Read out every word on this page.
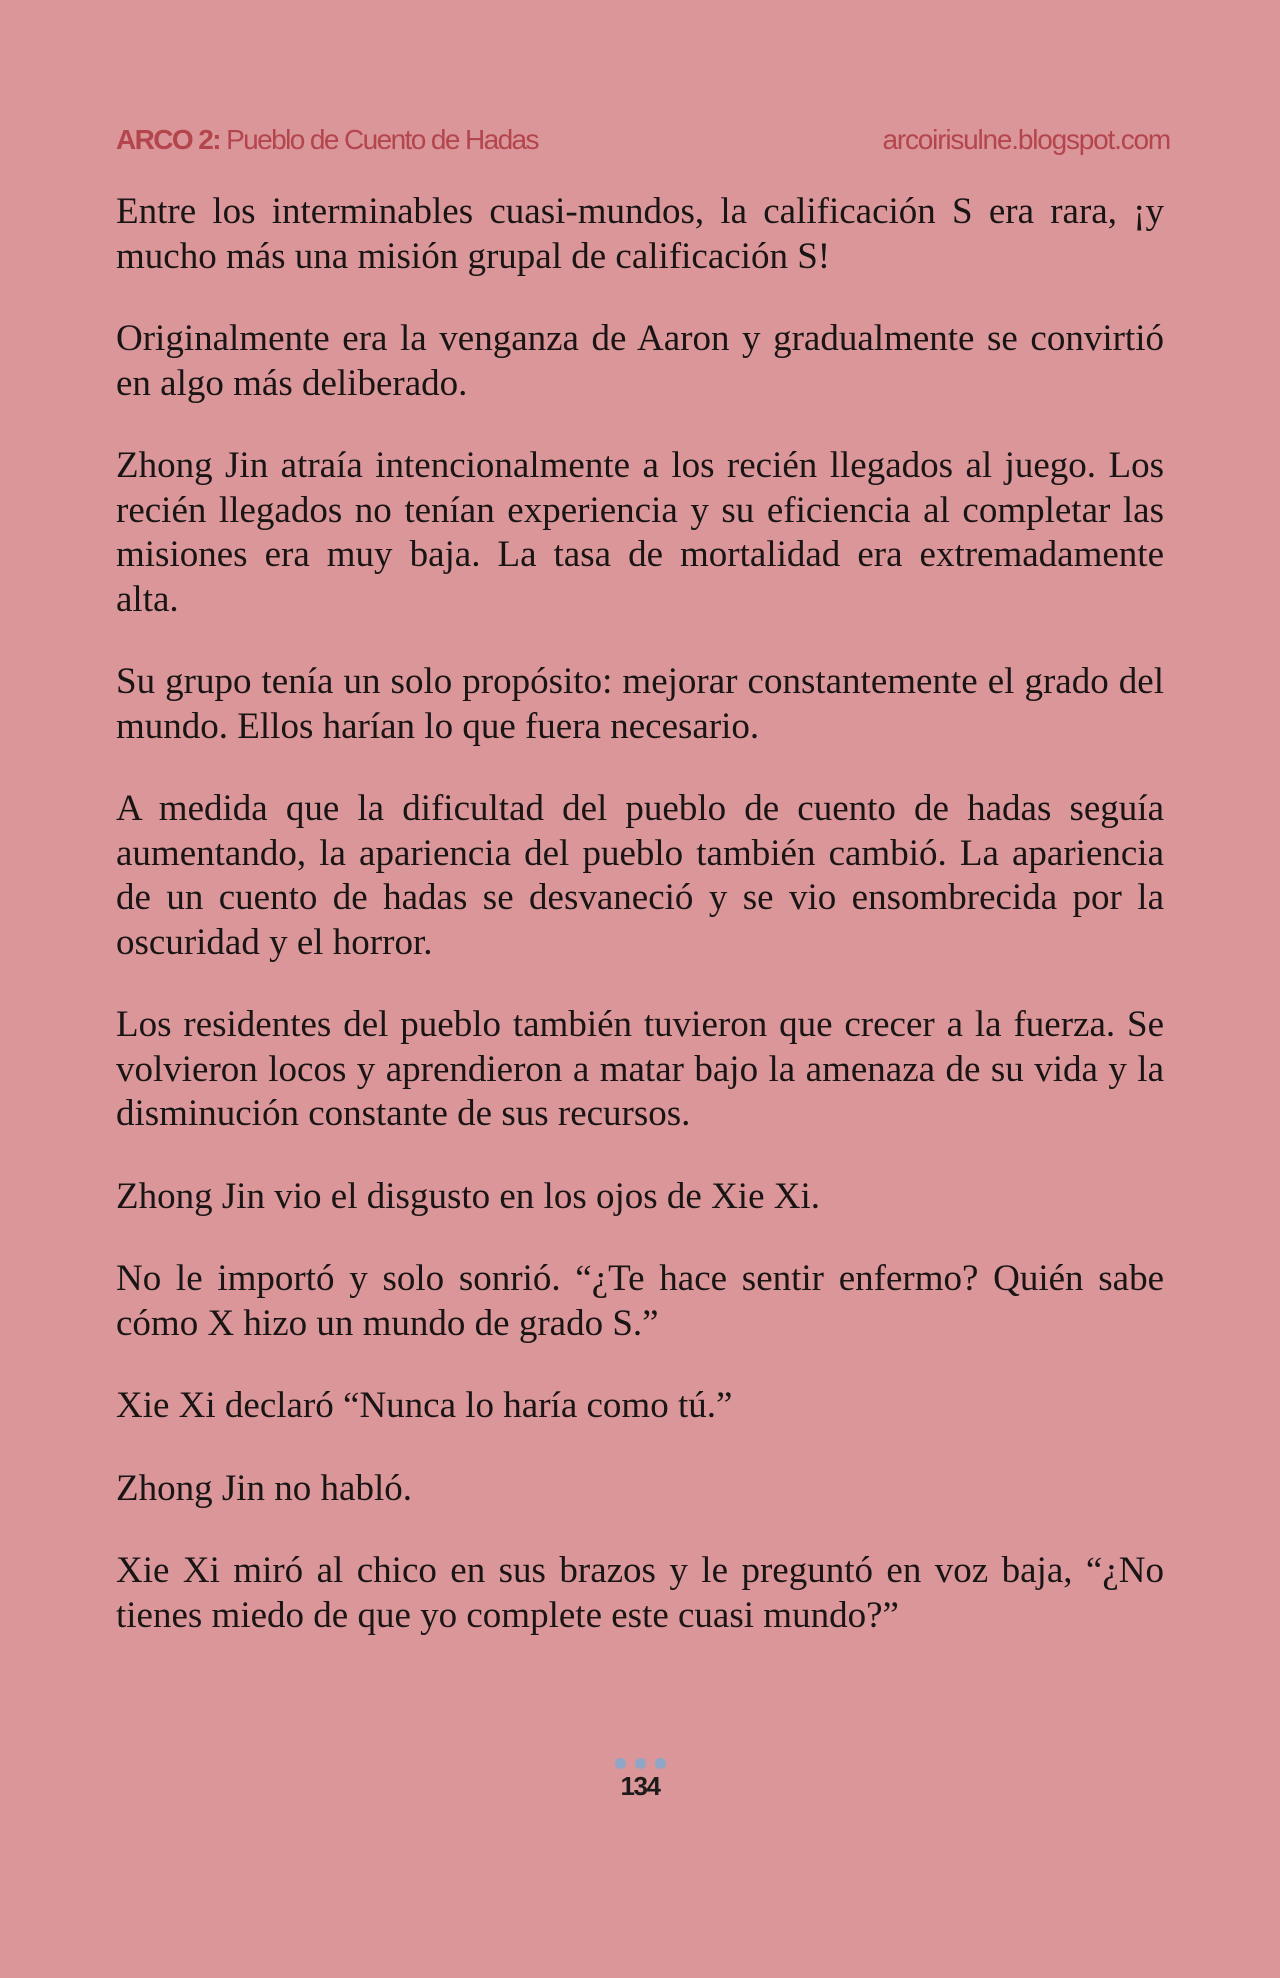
ARCO 2: Pueblo de Cuento de Hadas	arcoirisulne.blogspot.com

Entre los interminables cuasi-mundos, la calificación S era rara, ¡y mucho más una misión grupal de calificación S!

Originalmente era la venganza de Aaron y gradualmente se convirtió en algo más deliberado.

Zhong Jin atraía intencionalmente a los recién llegados al juego. Los recién llegados no tenían experiencia y su eficiencia al completar las misiones era muy baja. La tasa de mortalidad era extremadamente alta.

Su grupo tenía un solo propósito: mejorar constantemente el grado del mundo. Ellos harían lo que fuera necesario.

A medida que la dificultad del pueblo de cuento de hadas seguía aumentando, la apariencia del pueblo también cambió. La apariencia de un cuento de hadas se desvaneció y se vio ensombrecida por la oscuridad y el horror.

Los residentes del pueblo también tuvieron que crecer a la fuerza. Se volvieron locos y aprendieron a matar bajo la amenaza de su vida y la disminución constante de sus recursos.

Zhong Jin vio el disgusto en los ojos de Xie Xi.

No le importó y solo sonrió. “¿Te hace sentir enfermo? Quién sabe cómo X hizo un mundo de grado S.”

Xie Xi declaró “Nunca lo haría como tú.”

Zhong Jin no habló.

Xie Xi miró al chico en sus brazos y le preguntó en voz baja, “¿No tienes miedo de que yo complete este cuasi mundo?”

134
